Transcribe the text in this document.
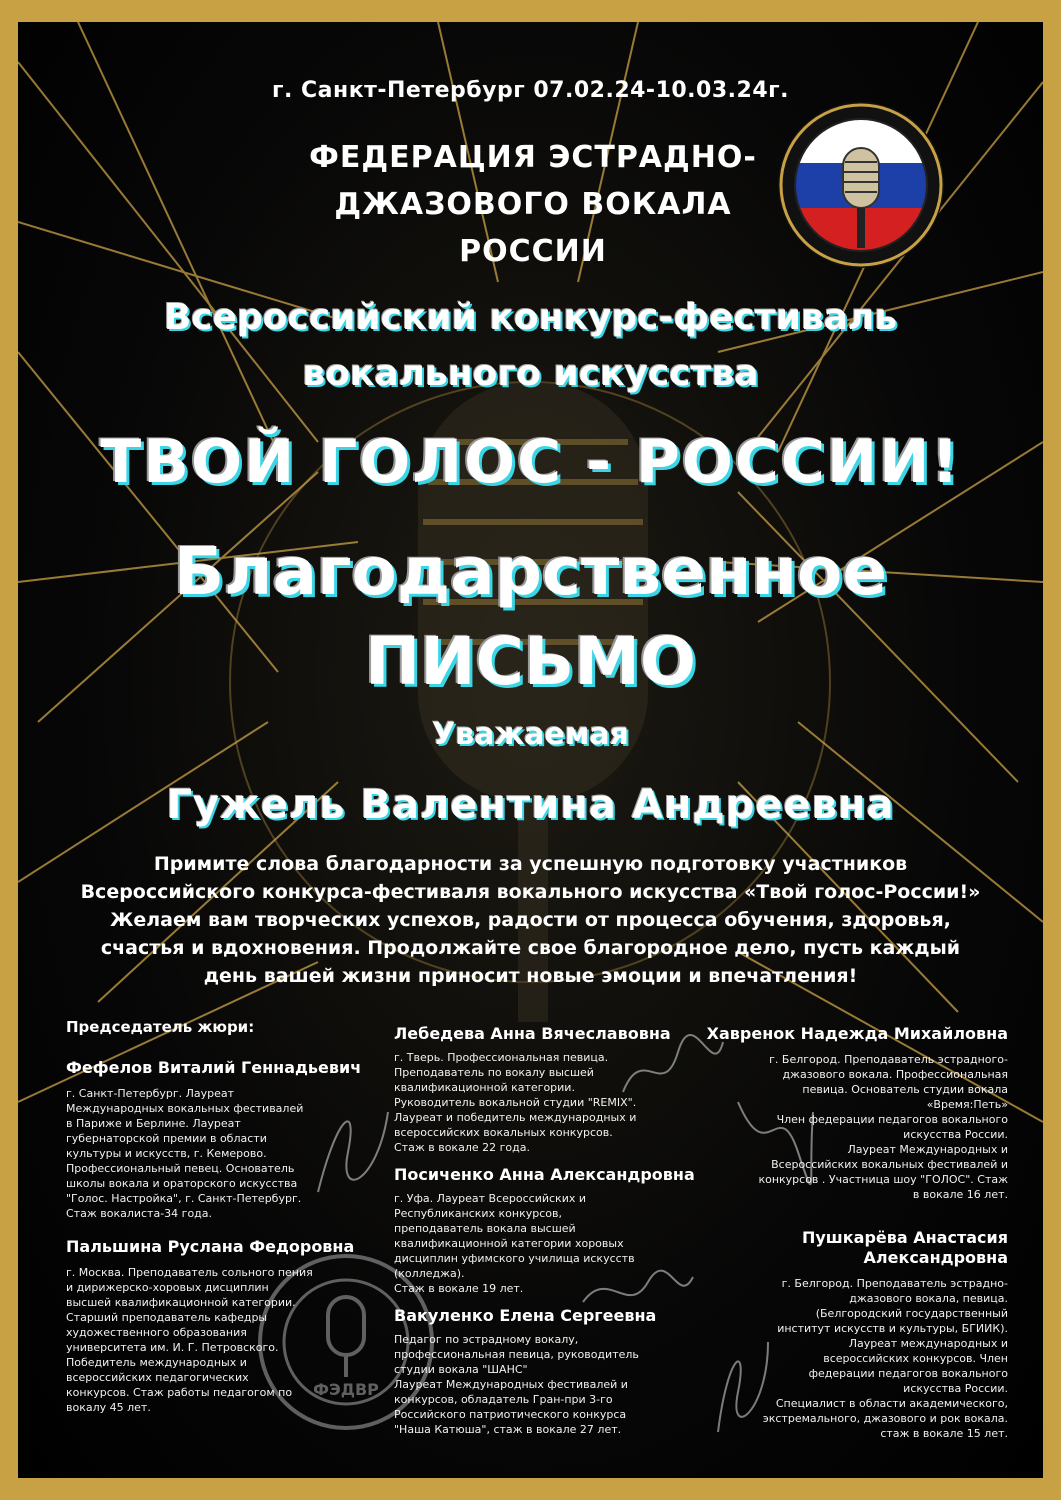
г. Санкт-Петербург 07.02.24-10.03.24г.
ФЕДЕРАЦИЯ ЭСТРАДНО-
ДЖАЗОВОГО ВОКАЛА
РОССИИ
Всероссийский конкурс-фестиваль
вокального искусства
ТВОЙ ГОЛОС - РОССИИ!
Благодарственное
ПИСЬМО
Уважаемая
Гужель Валентина Андреевна
Примите слова благодарности за успешную подготовку участников
Всероссийского конкурса-фестиваля вокального искусства «Твой голос-России!»
Желаем вам творческих успехов, радости от процесса обучения, здоровья,
счастья и вдохновения. Продолжайте свое благородное дело, пусть каждый
день вашей жизни приносит новые эмоции и впечатления!
ФЭДВР
Председатель жюри:
Фефелов Виталий Геннадьевич
г. Санкт-Петербург. Лауреат
Международных вокальных фестивалей
в Париже и Берлине. Лауреат
губернаторской премии в области
культуры и искусств, г. Кемерово.
Профессиональный певец. Основатель
школы вокала и ораторского искусства
"Голос. Настройка", г. Санкт-Петербург.
Стаж вокалиста-34 года.
Пальшина Руслана Федоровна
г. Москва. Преподаватель сольного пения
и дирижерско-хоровых дисциплин
высшей квалификационной категории.
Старший преподаватель кафедры
художественного образования
университета им. И. Г. Петровского.
Победитель международных и
всероссийских педагогических
конкурсов. Стаж работы педагогом по
вокалу 45 лет.
Лебедева Анна Вячеславовна
г. Тверь. Профессиональная певица.
Преподаватель по вокалу высшей
квалификационной категории.
Руководитель вокальной студии "REMIX".
Лауреат и победитель международных и
всероссийских вокальных конкурсов.
Стаж в вокале 22 года.
Посиченко Анна Александровна
г. Уфа. Лауреат Всероссийских и
Республиканских конкурсов,
преподаватель вокала высшей
квалификационной категории хоровых
дисциплин уфимского училища искусств
(колледжа).
Стаж в вокале 19 лет.
Вакуленко Елена Сергеевна
Педагог по эстрадному вокалу,
профессиональная певица, руководитель
студии вокала "ШАНС"
Лауреат Международных фестивалей и
конкурсов, обладатель Гран-при 3-го
Российского патриотического конкурса
"Наша Катюша", стаж в вокале 27 лет.
Хавренок Надежда Михайловна
г. Белгород. Преподаватель эстрадного-
джазового вокала. Профессиональная
певица. Основатель студии вокала
«Время:Петь»
Член федерации педагогов вокального
искусства России.
Лауреат Международных и
Всероссийских вокальных фестивалей и
конкурсов . Участница шоу "ГОЛОС". Стаж
в вокале 16 лет.
Пушкарёва Анастасия
Александровна
г. Белгород. Преподаватель эстрадно-
джазового вокала, певица.
(Белгородский государственный
институт искусств и культуры, БГИИК).
Лауреат международных и
всероссийских конкурсов. Член
федерации педагогов вокального
искусства России.
Специалист в области академического,
экстремального, джазового и рок вокала.
стаж в вокале 15 лет.
